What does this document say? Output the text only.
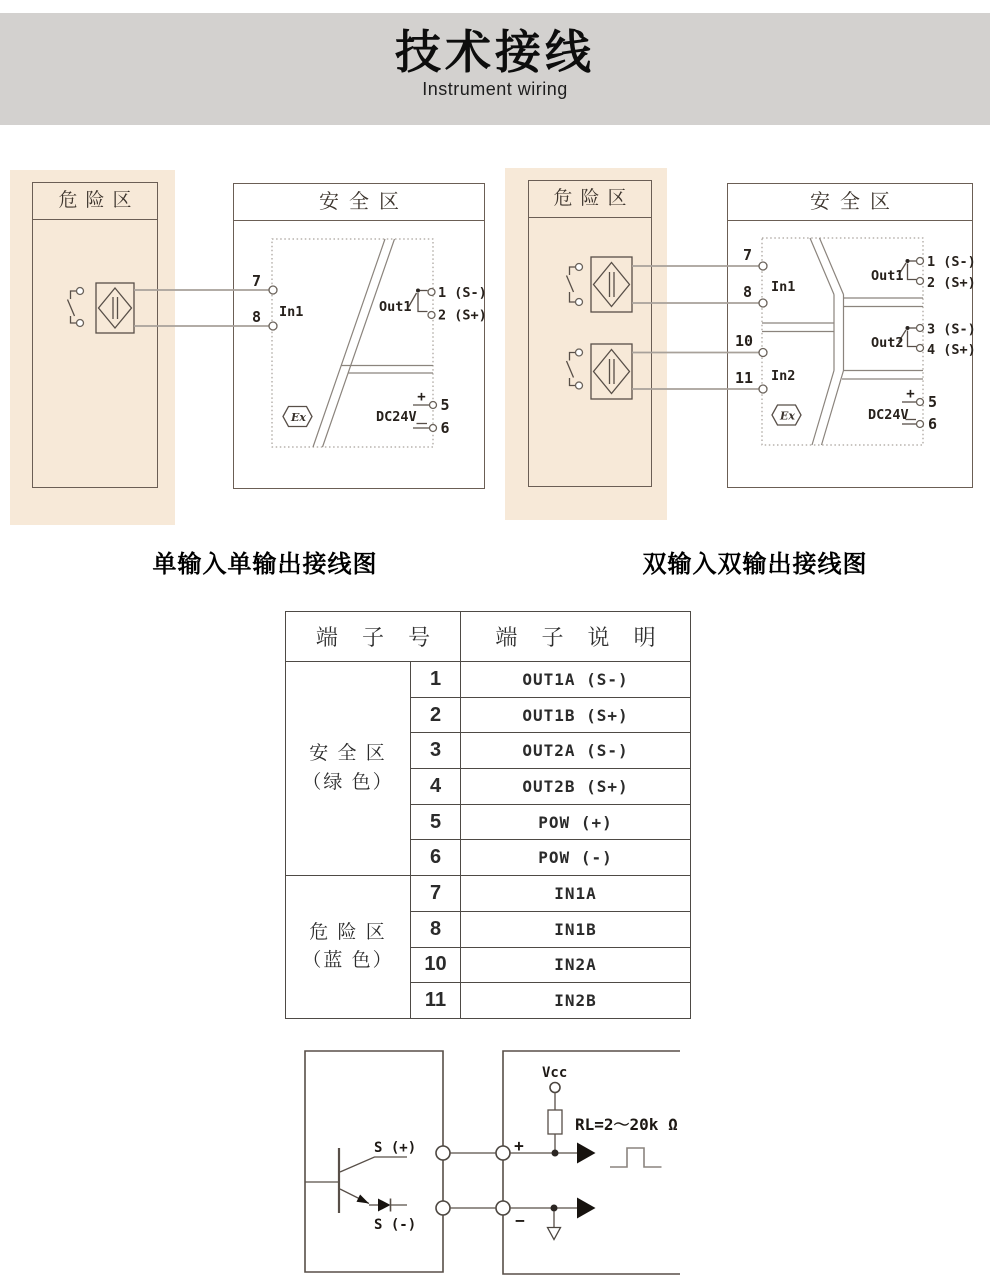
技术接线
Instrument wiring
危险区	安全区	危险区	安全区
单输入单输出接线图	双输入双输出接线图
Ex
7
8 In1	Out1
1 (S-)
2 (S+)
DC24V
+ 5
6
Ex
7
8
10
11
In1
In2
Out1
Out2
1 (S-)
2 (S+)
3 (S-)
4 (S+)
DC24V
+ 5
6
S (+)
S (-)
Vcc
RL=2～20k Ω
+
−
端 子 号		端 子 说 明
安 全 区
（绿 色）	1	OUT1A (S-)
	2	OUT1B (S+)
	3	OUT2A (S-)
	4	OUT2B (S+)
	5	POW (+)
	6	POW (-)
危 险 区
（蓝 色）	7	IN1A
	8	IN1B
	10	IN2A
	11	IN2B
